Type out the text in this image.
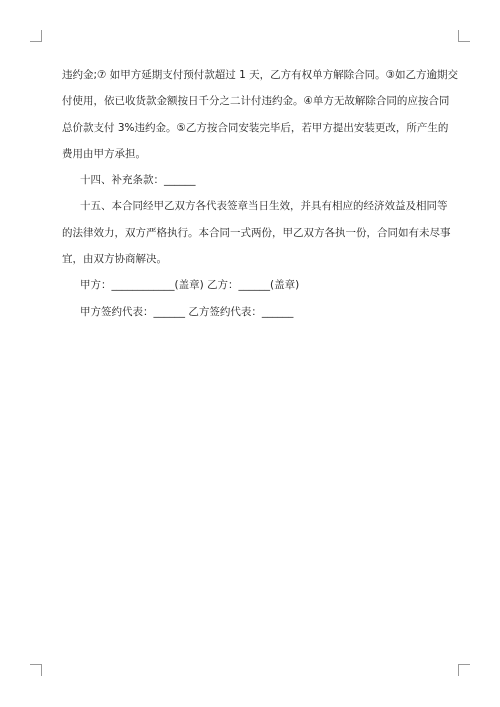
违约金;⑦ 如甲方延期支付预付款超过 1 天，乙方有权单方解除合同。③如乙方逾期交
付使用，依已收货款金额按日千分之二计付违约金。④单方无故解除合同的应按合同
总价款支付 3%违约金。⑤乙方按合同安装完毕后，若甲方提出安装更改，所产生的
费用由甲方承担。

十四、补充条款：______

十五、本合同经甲乙双方各代表签章当日生效，并具有相应的经济效益及相同等
的法律效力，双方严格执行。本合同一式两份，甲乙双方各执一份，合同如有未尽事
宜，由双方协商解决。

甲方：____________(盖章) 乙方：______(盖章)

甲方签约代表：______ 乙方签约代表：______
